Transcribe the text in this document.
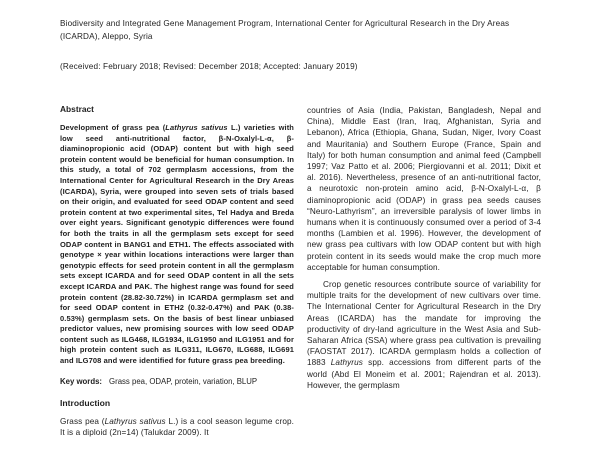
Biodiversity and Integrated Gene Management Program, International Center for Agricultural Research in the Dry Areas (ICARDA), Aleppo, Syria
(Received: February 2018; Revised: December 2018; Accepted: January 2019)
Abstract
Development of grass pea (Lathyrus sativus L.) varieties with low seed anti-nutritional factor, β-N-Oxalyl-L-α, β-diaminopropionic acid (ODAP) content but with high seed protein content would be beneficial for human consumption. In this study, a total of 702 germplasm accessions, from the International Center for Agricultural Research in the Dry Areas (ICARDA), Syria, were grouped into seven sets of trials based on their origin, and evaluated for seed ODAP content and seed protein content at two experimental sites, Tel Hadya and Breda over eight years. Significant genotypic differences were found for both the traits in all the germplasm sets except for seed ODAP content in BANG1 and ETH1. The effects associated with genotype × year within locations interactions were larger than genotypic effects for seed protein content in all the germplasm sets except ICARDA and for seed ODAP content in all the sets except ICARDA and PAK. The highest range was found for seed protein content (28.82-30.72%) in ICARDA germplasm set and for seed ODAP content in ETH2 (0.32-0.47%) and PAK (0.38-0.53%) germplasm sets. On the basis of best linear unbiased predictor values, new promising sources with low seed ODAP content such as ILG468, ILG1934, ILG1950 and ILG1951 and for high protein content such as ILG311, ILG670, ILG688, ILG691 and ILG708 and were identified for future grass pea breeding.
Key words: Grass pea, ODAP, protein, variation, BLUP
Introduction
Grass pea (Lathyrus sativus L.) is a cool season legume crop. It is a diploid (2n=14) (Talukdar 2009). It

countries of Asia (India, Pakistan, Bangladesh, Nepal and China), Middle East (Iran, Iraq, Afghanistan, Syria and Lebanon), Africa (Ethiopia, Ghana, Sudan, Niger, Ivory Coast and Mauritania) and Southern Europe (France, Spain and Italy) for both human consumption and animal feed (Campbell 1997; Vaz Patto et al. 2006; Piergiovanni et al. 2011; Dixit et al. 2016). Nevertheless, presence of an anti-nutritional factor, a neurotoxic non-protein amino acid, β-N-Oxalyl-L-α, β diaminopropionic acid (ODAP) in grass pea seeds causes “Neuro-Lathyrism”, an irreversible paralysis of lower limbs in humans when it is continuously consumed over a period of 3-4 months (Lambien et al. 1996). However, the development of new grass pea cultivars with low ODAP content but with high protein content in its seeds would make the crop much more acceptable for human consumption.

Crop genetic resources contribute source of variability for multiple traits for the development of new cultivars over time. The International Center for Agricultural Research in the Dry Areas (ICARDA) has the mandate for improving the productivity of dry-land agriculture in the West Asia and Sub-Saharan Africa (SSA) where grass pea cultivation is prevailing (FAOSTAT 2017). ICARDA germplasm holds a collection of 1883 Lathyrus spp. accessions from different parts of the world (Abd El Moneim et al. 2001; Rajendran et al. 2013). However, the germplasm
